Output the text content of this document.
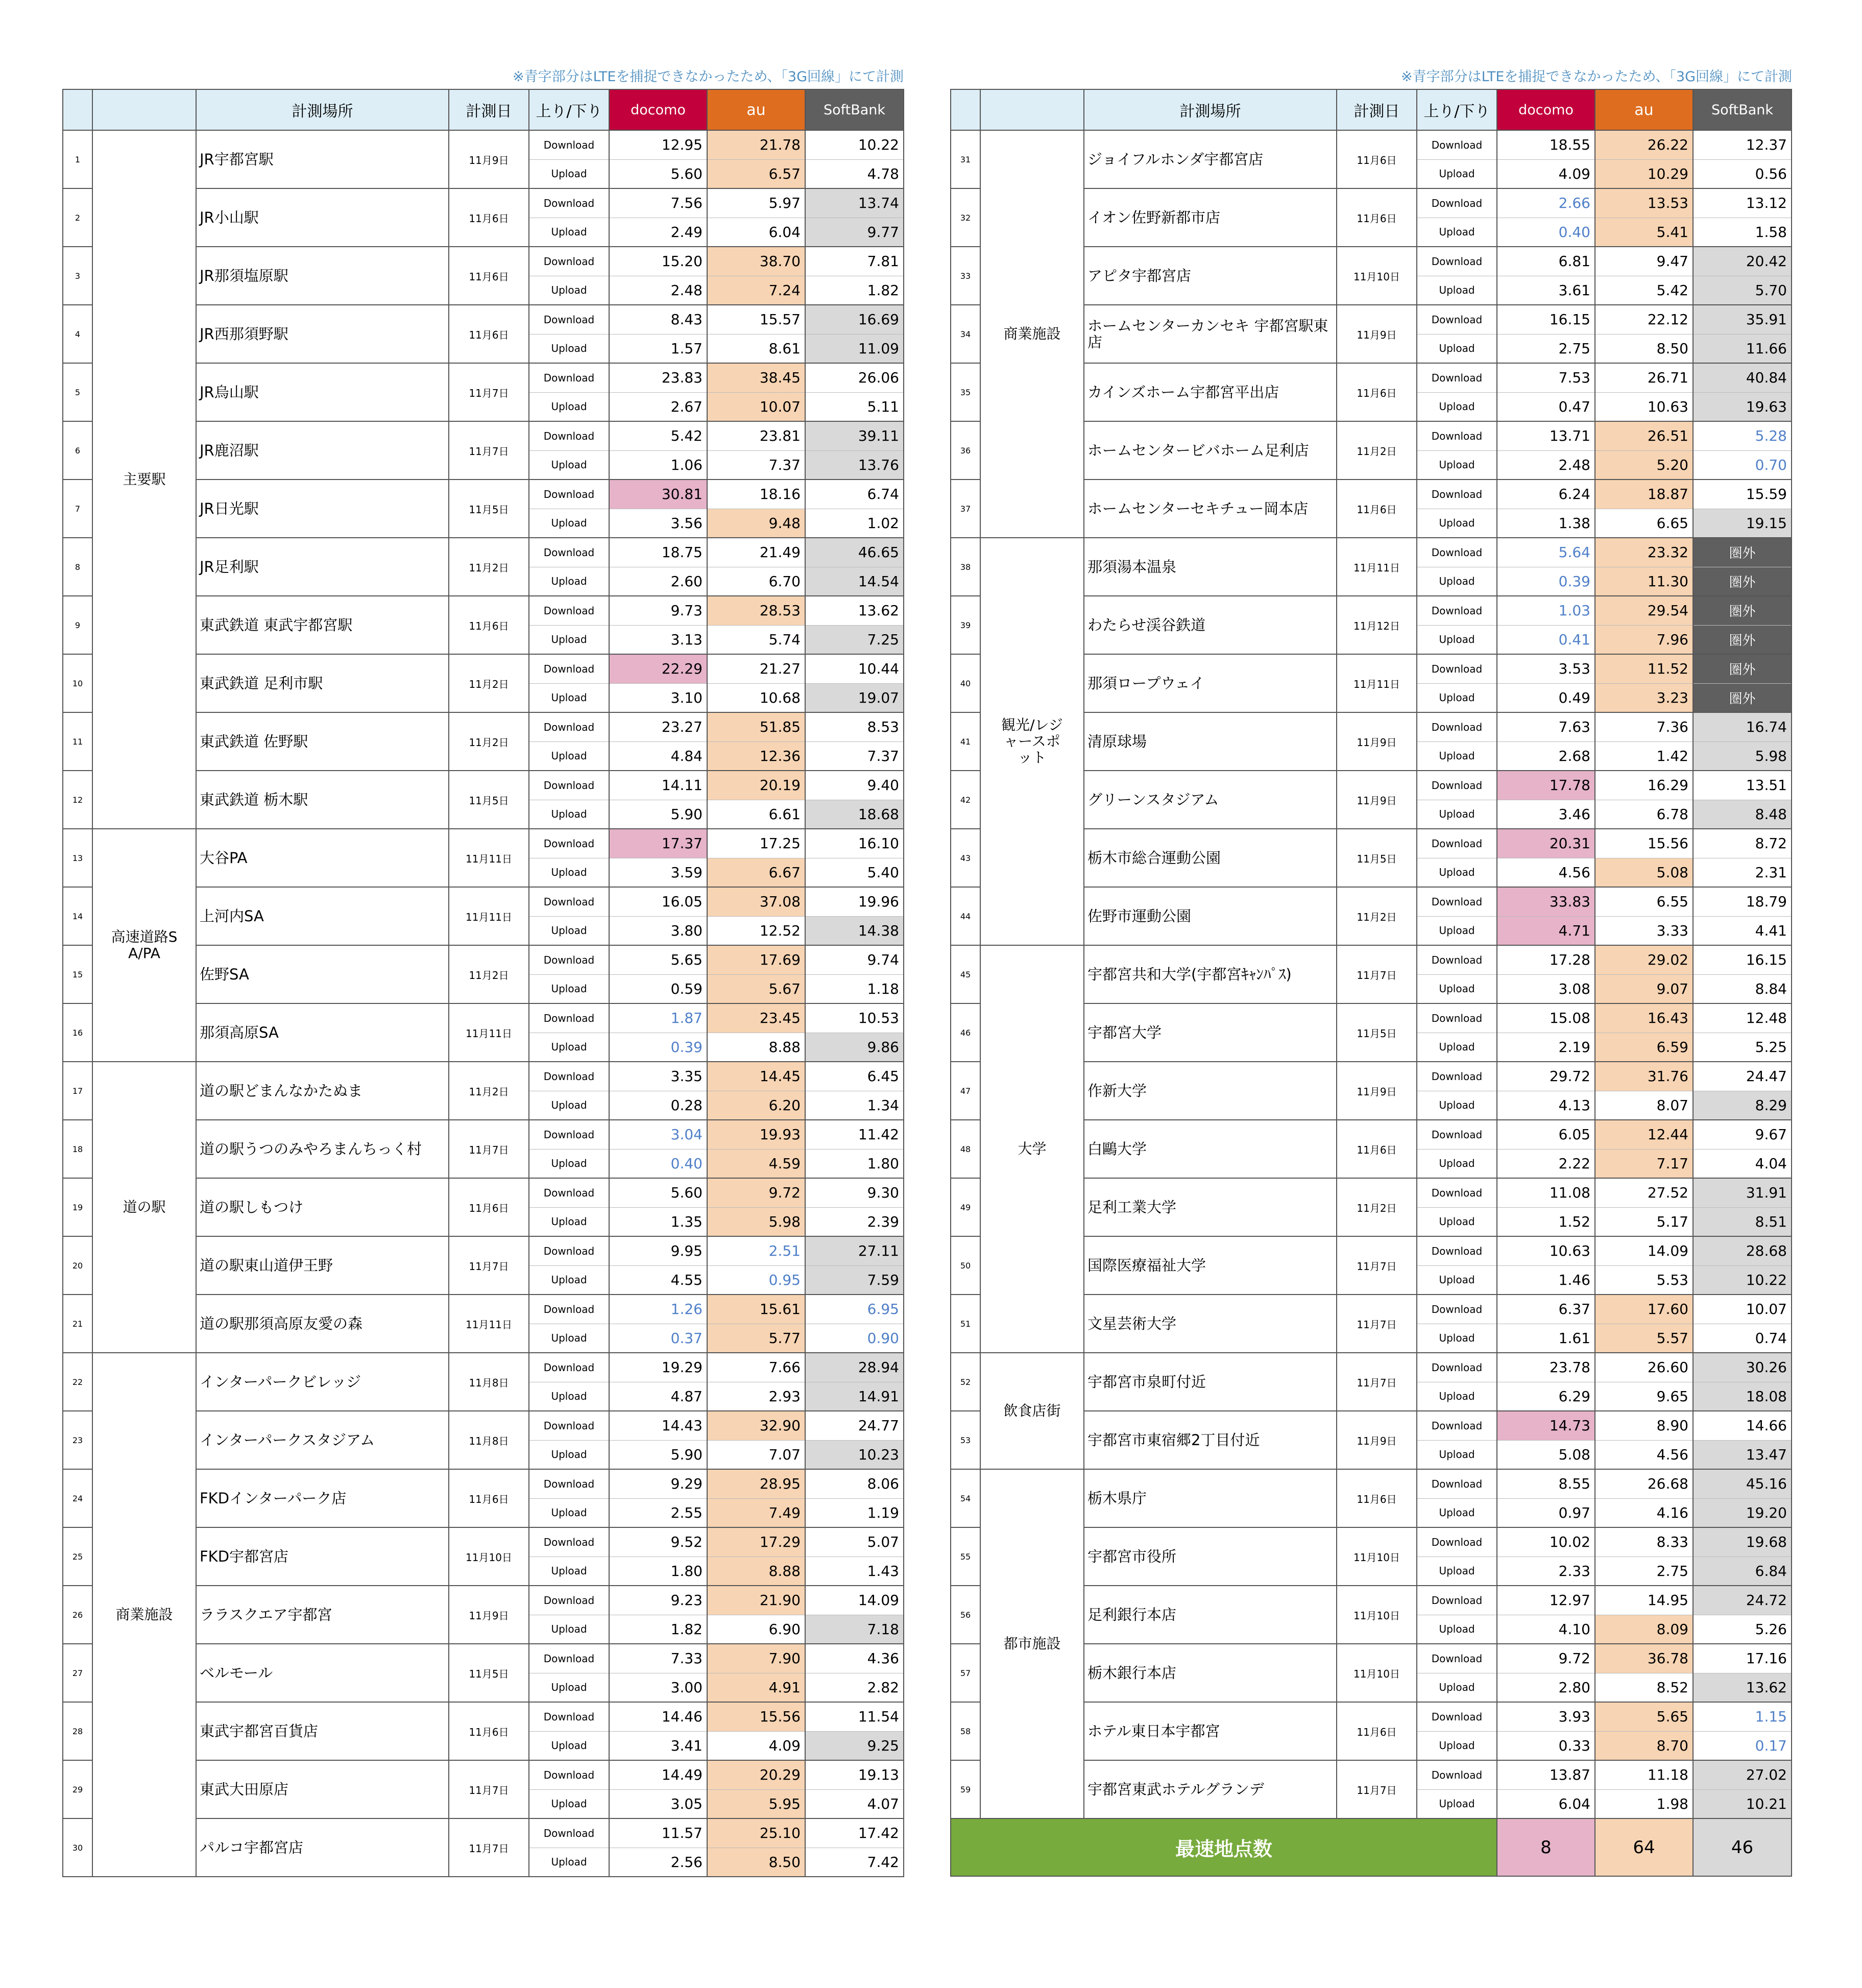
※青字部分はLTEを捕捉できなかったため、「3G回線」にて計測	※青字部分はLTEを捕捉できなかったため、「3G回線」にて計測
		計測場所	計測日	上り/下り	docomo	au	SoftBank
1	主要駅	JR宇都宮駅	11月9日	Download	12.95	21.78	10.22
				Upload	5.60	6.57	4.78
2		JR小山駅	11月6日	Download	7.56	5.97	13.74
				Upload	2.49	6.04	9.77
3		JR那須塩原駅	11月6日	Download	15.20	38.70	7.81
				Upload	2.48	7.24	1.82
4		JR西那須野駅	11月6日	Download	8.43	15.57	16.69
				Upload	1.57	8.61	11.09
5		JR烏山駅	11月7日	Download	23.83	38.45	26.06
				Upload	2.67	10.07	5.11
6		JR鹿沼駅	11月7日	Download	5.42	23.81	39.11
				Upload	1.06	7.37	13.76
7		JR日光駅	11月5日	Download	30.81	18.16	6.74
				Upload	3.56	9.48	1.02
8		JR足利駅	11月2日	Download	18.75	21.49	46.65
				Upload	2.60	6.70	14.54
9		東武鉄道 東武宇都宮駅	11月6日	Download	9.73	28.53	13.62
				Upload	3.13	5.74	7.25
10		東武鉄道 足利市駅	11月2日	Download	22.29	21.27	10.44
				Upload	3.10	10.68	19.07
11		東武鉄道 佐野駅	11月2日	Download	23.27	51.85	8.53
				Upload	4.84	12.36	7.37
12		東武鉄道 栃木駅	11月5日	Download	14.11	20.19	9.40
				Upload	5.90	6.61	18.68
13	高速道路SA/PA	大谷PA	11月11日	Download	17.37	17.25	16.10
				Upload	3.59	6.67	5.40
14		上河内SA	11月11日	Download	16.05	37.08	19.96
				Upload	3.80	12.52	14.38
15		佐野SA	11月2日	Download	5.65	17.69	9.74
				Upload	0.59	5.67	1.18
16		那須高原SA	11月11日	Download	1.87	23.45	10.53
				Upload	0.39	8.88	9.86
17	道の駅	道の駅どまんなかたぬま	11月2日	Download	3.35	14.45	6.45
				Upload	0.28	6.20	1.34
18		道の駅うつのみやろまんちっく村	11月7日	Download	3.04	19.93	11.42
				Upload	0.40	4.59	1.80
19		道の駅しもつけ	11月6日	Download	5.60	9.72	9.30
				Upload	1.35	5.98	2.39
20		道の駅東山道伊王野	11月7日	Download	9.95	2.51	27.11
				Upload	4.55	0.95	7.59
21		道の駅那須高原友愛の森	11月11日	Download	1.26	15.61	6.95
				Upload	0.37	5.77	0.90
22	商業施設	インターパークビレッジ	11月8日	Download	19.29	7.66	28.94
				Upload	4.87	2.93	14.91
23		インターパークスタジアム	11月8日	Download	14.43	32.90	24.77
				Upload	5.90	7.07	10.23
24		FKDインターパーク店	11月6日	Download	9.29	28.95	8.06
				Upload	2.55	7.49	1.19
25		FKD宇都宮店	11月10日	Download	9.52	17.29	5.07
				Upload	1.80	8.88	1.43
26		ララスクエア宇都宮	11月9日	Download	9.23	21.90	14.09
				Upload	1.82	6.90	7.18
27		ベルモール	11月5日	Download	7.33	7.90	4.36
				Upload	3.00	4.91	2.82
28		東武宇都宮百貨店	11月6日	Download	14.46	15.56	11.54
				Upload	3.41	4.09	9.25
29		東武大田原店	11月7日	Download	14.49	20.29	19.13
				Upload	3.05	5.95	4.07
30		パルコ宇都宮店	11月7日	Download	11.57	25.10	17.42
				Upload	2.56	8.50	7.42
		計測場所	計測日	上り/下り	docomo	au	SoftBank
31	商業施設	ジョイフルホンダ宇都宮店	11月6日	Download	18.55	26.22	12.37
				Upload	4.09	10.29	0.56
32		イオン佐野新都市店	11月6日	Download	2.66	13.53	13.12
				Upload	0.40	5.41	1.58
33		アピタ宇都宮店	11月10日	Download	6.81	9.47	20.42
				Upload	3.61	5.42	5.70
34		ホームセンターカンセキ 宇都宮駅東店	11月9日	Download	16.15	22.12	35.91
				Upload	2.75	8.50	11.66
35		カインズホーム宇都宮平出店	11月6日	Download	7.53	26.71	40.84
				Upload	0.47	10.63	19.63
36		ホームセンタービバホーム足利店	11月2日	Download	13.71	26.51	5.28
				Upload	2.48	5.20	0.70
37		ホームセンターセキチュー岡本店	11月6日	Download	6.24	18.87	15.59
				Upload	1.38	6.65	19.15
38	観光/レジャースポット	那須湯本温泉	11月11日	Download	5.64	23.32	圏外
				Upload	0.39	11.30	圏外
39		わたらせ渓谷鉄道	11月12日	Download	1.03	29.54	圏外
				Upload	0.41	7.96	圏外
40		那須ロープウェイ	11月11日	Download	3.53	11.52	圏外
				Upload	0.49	3.23	圏外
41		清原球場	11月9日	Download	7.63	7.36	16.74
				Upload	2.68	1.42	5.98
42		グリーンスタジアム	11月9日	Download	17.78	16.29	13.51
				Upload	3.46	6.78	8.48
43		栃木市総合運動公園	11月5日	Download	20.31	15.56	8.72
				Upload	4.56	5.08	2.31
44		佐野市運動公園	11月2日	Download	33.83	6.55	18.79
				Upload	4.71	3.33	4.41
45	大学	宇都宮共和大学(宇都宮ｷｬﾝﾊﾟｽ)	11月7日	Download	17.28	29.02	16.15
				Upload	3.08	9.07	8.84
46		宇都宮大学	11月5日	Download	15.08	16.43	12.48
				Upload	2.19	6.59	5.25
47		作新大学	11月9日	Download	29.72	31.76	24.47
				Upload	4.13	8.07	8.29
48		白鷗大学	11月6日	Download	6.05	12.44	9.67
				Upload	2.22	7.17	4.04
49		足利工業大学	11月2日	Download	11.08	27.52	31.91
				Upload	1.52	5.17	8.51
50		国際医療福祉大学	11月7日	Download	10.63	14.09	28.68
				Upload	1.46	5.53	10.22
51		文星芸術大学	11月7日	Download	6.37	17.60	10.07
				Upload	1.61	5.57	0.74
52	飲食店街	宇都宮市泉町付近	11月7日	Download	23.78	26.60	30.26
				Upload	6.29	9.65	18.08
53		宇都宮市東宿郷2丁目付近	11月9日	Download	14.73	8.90	14.66
				Upload	5.08	4.56	13.47
54	都市施設	栃木県庁	11月6日	Download	8.55	26.68	45.16
				Upload	0.97	4.16	19.20
55		宇都宮市役所	11月10日	Download	10.02	8.33	19.68
				Upload	2.33	2.75	6.84
56		足利銀行本店	11月10日	Download	12.97	14.95	24.72
				Upload	4.10	8.09	5.26
57		栃木銀行本店	11月10日	Download	9.72	36.78	17.16
				Upload	2.80	8.52	13.62
58		ホテル東日本宇都宮	11月6日	Download	3.93	5.65	1.15
				Upload	0.33	8.70	0.17
59		宇都宮東武ホテルグランデ	11月7日	Download	13.87	11.18	27.02
				Upload	6.04	1.98	10.21
最速地点数					8	64	46
